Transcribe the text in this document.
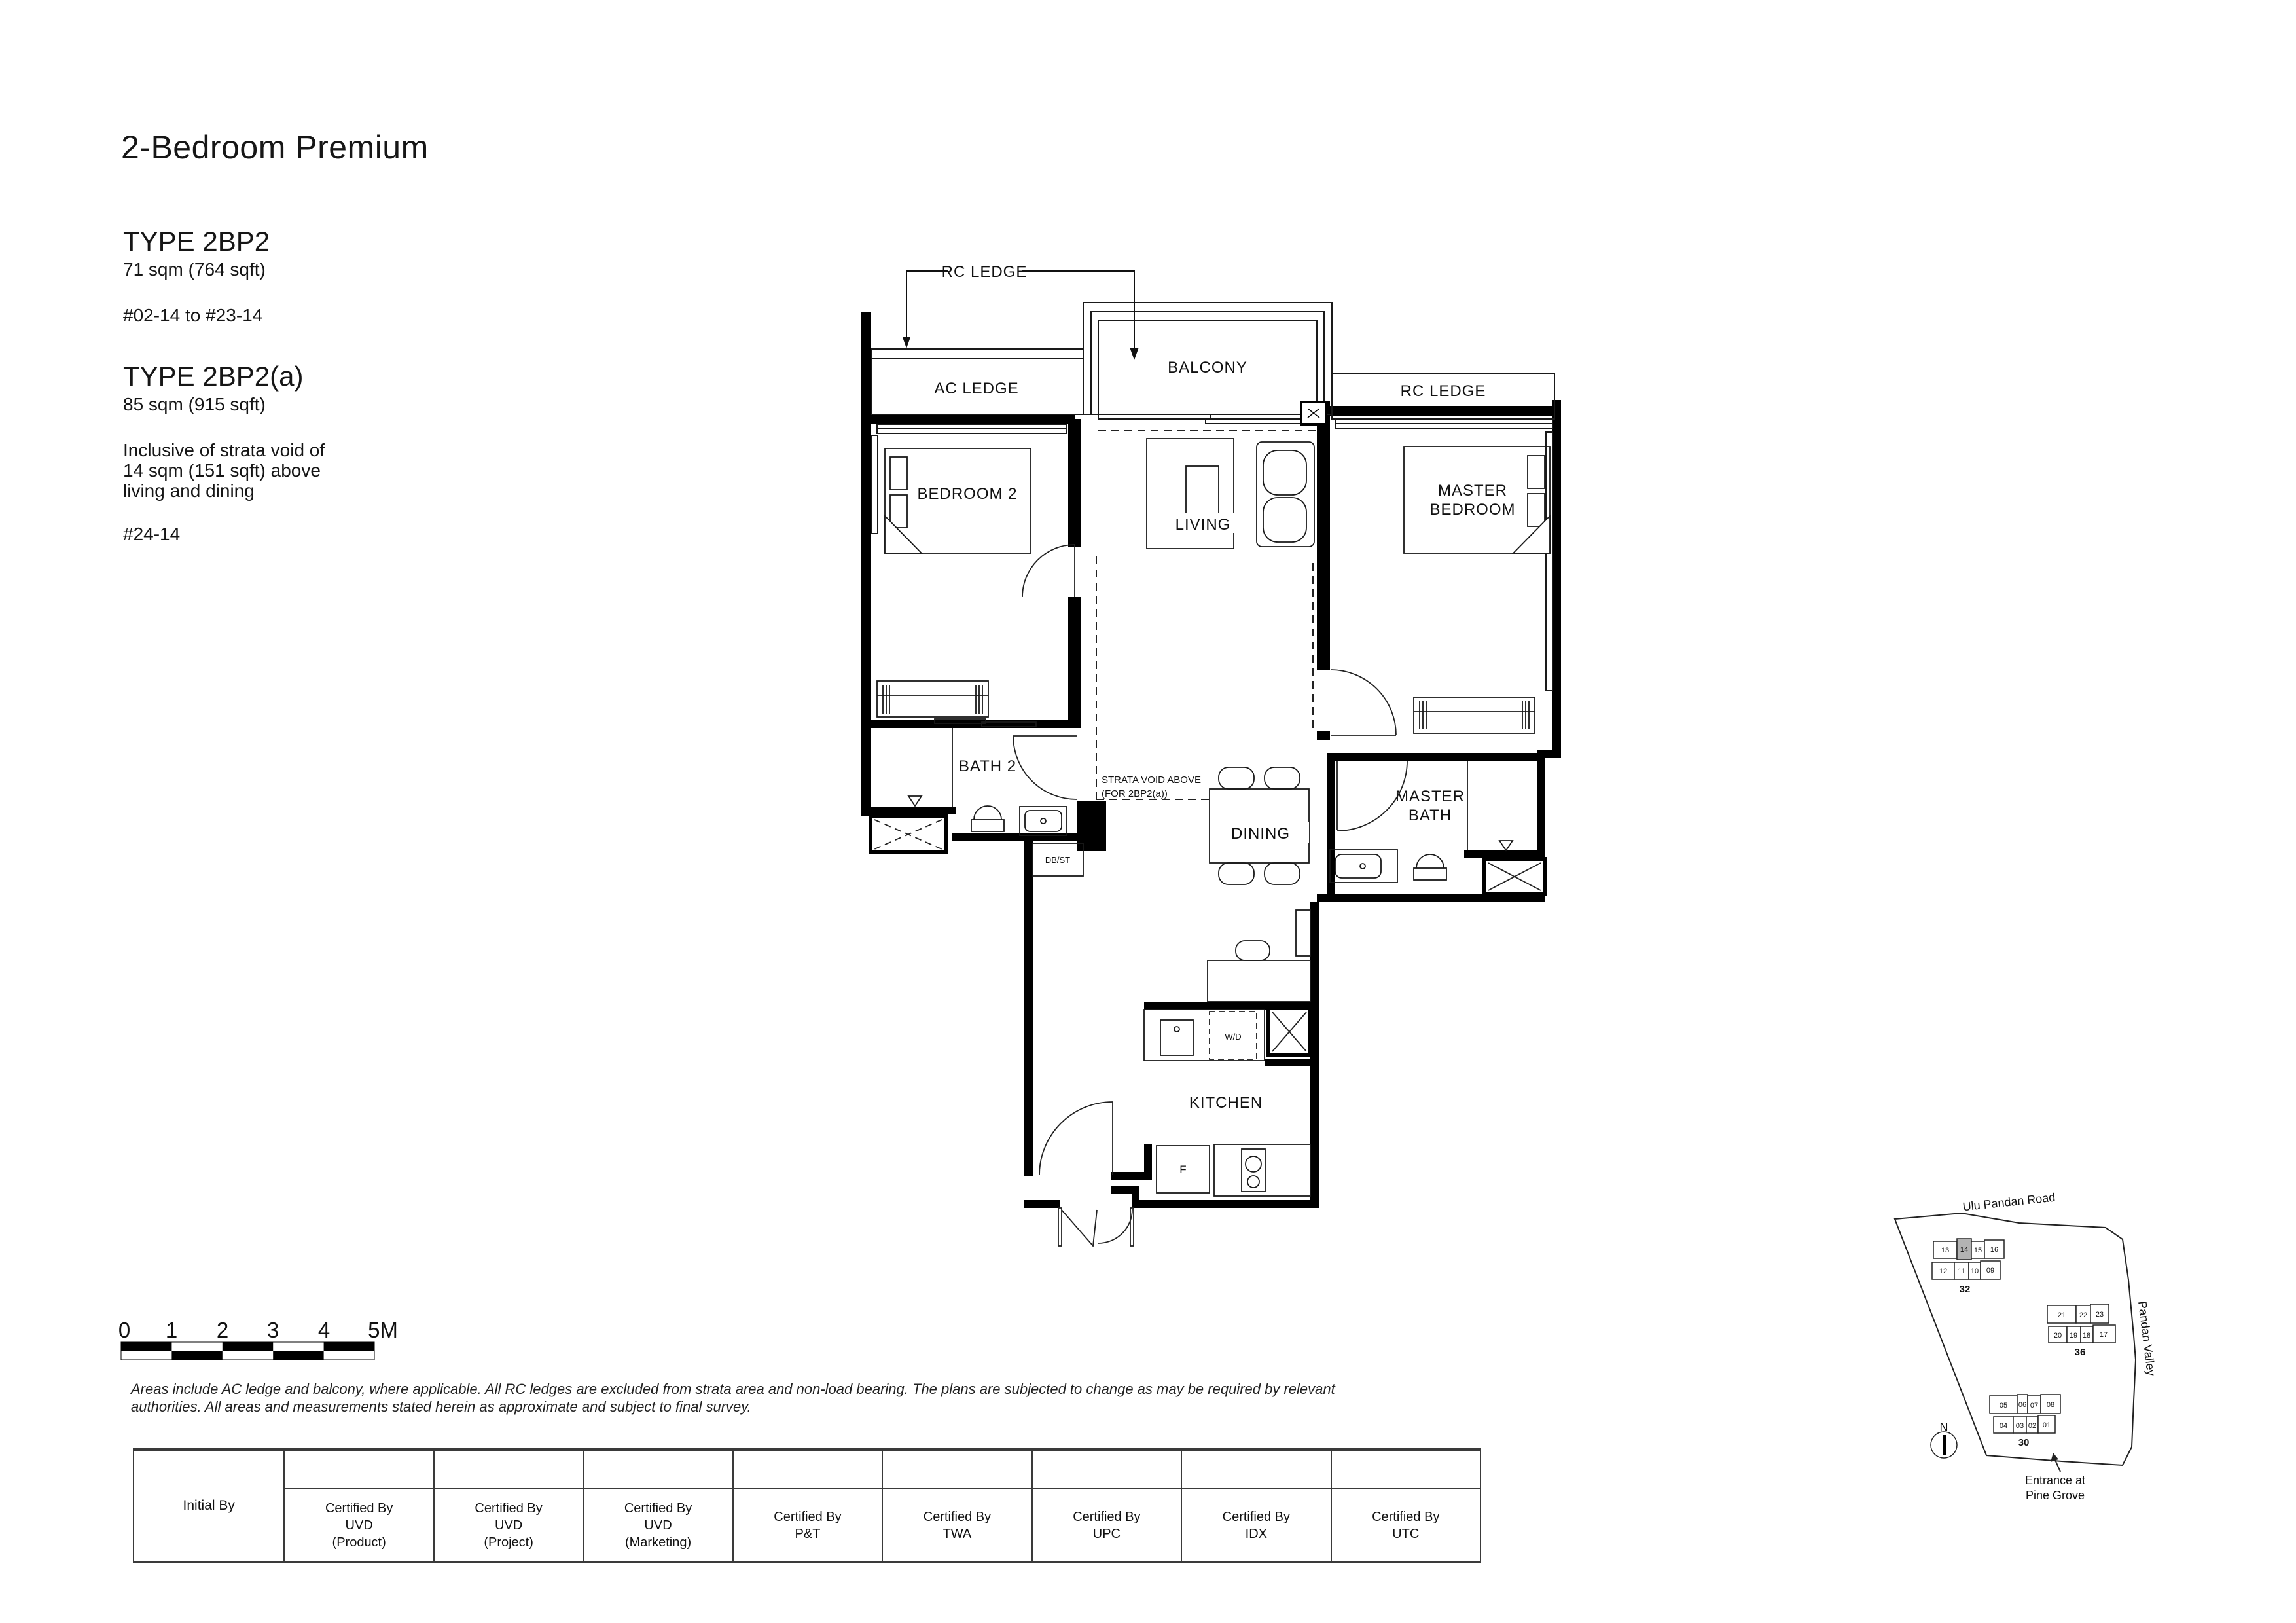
2-Bedroom Premium
TYPE 2BP2
71 sqm (764 sqft)
#02-14 to #23-14
TYPE 2BP2(a)
85 sqm (915 sqft)
Inclusive of strata void of
14 sqm (151 sqft) above
living and dining
#24-14
Areas include AC ledge and balcony, where applicable. All RC ledges are excluded from strata area and non-load bearing. The plans are subjected to change as may be required by relevant
authorities. All areas and measurements stated herein as approximate and subject to final survey.
Initial By	Certified By
UVD
(Product)
Certified By
UVD
(Project)
Certified By
UVD
(Marketing)
Certified By
P&T
Certified By
TWA
Certified By
UPC
Certified By
IDX
Certified By
UTC
RC LEDGE
BALCONY
AC LEDGE	RC LEDGE
BEDROOM 2
LIVING
MASTER
BEDROOM
BATH 2
DINING
MASTER
BATH
KITCHEN
DB/ST
W/D
F
STRATA VOID ABOVE
(FOR 2BP2(a))
0 1 2 3 4 5M
Ulu Pandan Road
Pandan Valley
13 14 15 16
12 11 10 09
32
21 22 23
20 19 18 17
36
05 06 07 08
04 03 02 01
30
N
Entrance at
Pine Grove
